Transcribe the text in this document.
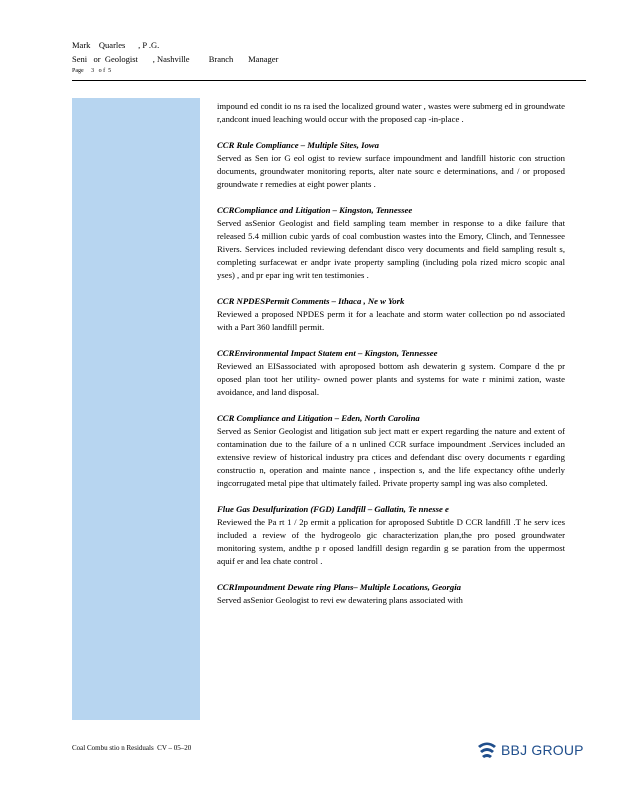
Mark    Quarles      , P .G.
Seni   or  Geologist       , Nashville         Branch       Manager
Page     3   o f  5
impound ed condit io ns ra ised the localized ground water , wastes were submerg ed in groundwate r,andcont inued leaching would occur with the proposed cap -in-place .
CCR Rule Compliance – Multiple Sites, Iowa
Served as Sen ior G eol ogist to review surface impoundment and landfill historic con struction documents, groundwater monitoring reports, alter nate sourc e determinations, and / or proposed groundwate r remedies at eight power plants .
CCRCompliance and Litigation – Kingston, Tennessee
Served asSenior Geologist and field sampling team member in response to a dike failure that released 5.4 million cubic yards of coal combustion wastes into the Emory, Clinch, and Tennessee Rivers. Services included reviewing defendant disco very documents and field sampling result s, completing surfacewat er andpr ivate property sampling (including pola rized micro scopic anal yses) , and pr epar ing writ ten testimonies .
CCR NPDESPermit Comments – Ithaca , Ne w York
Reviewed a proposed NPDES perm it for a leachate and storm water collection po nd associated with a Part 360 landfill permit.
CCREnvironmental Impact Statem ent – Kingston, Tennessee
Reviewed an EISassociated with aproposed bottom ash dewaterin g system. Compare d the pr oposed plan toot her utility- owned power plants and systems for wate r minimi zation, waste avoidance, and land disposal.
CCR Compliance and Litigation – Eden, North Carolina
Served as Senior Geologist and litigation sub ject matt er expert regarding the nature and extent of contamination due to the failure of a n unlined CCR surface impoundment .Services included an extensive review of historical industry pra ctices and defendant disc overy documents r egarding constructio n, operation and mainte nance , inspection s, and the life expectancy ofthe underly ingcorrugated metal pipe that ultimately failed. Private property sampl ing was also completed.
Flue Gas Desulfurization (FGD) Landfill – Gallatin, Te nnesse e
Reviewed the Pa rt 1 / 2p ermit a pplication for aproposed Subtitle D CCR landfill .T he serv ices included a review of the hydrogeolo gic characterization plan,the pro posed groundwater monitoring system, andthe p r oposed landfill design regardin g se paration from the uppermost aquif er and lea chate control .
CCRImpoundment Dewate ring Plans– Multiple Locations, Georgia
Served asSenior Geologist to revi ew dewatering plans associated with
Coal Combu stio n Residuals  CV – 05–20	BBJ GROUP
